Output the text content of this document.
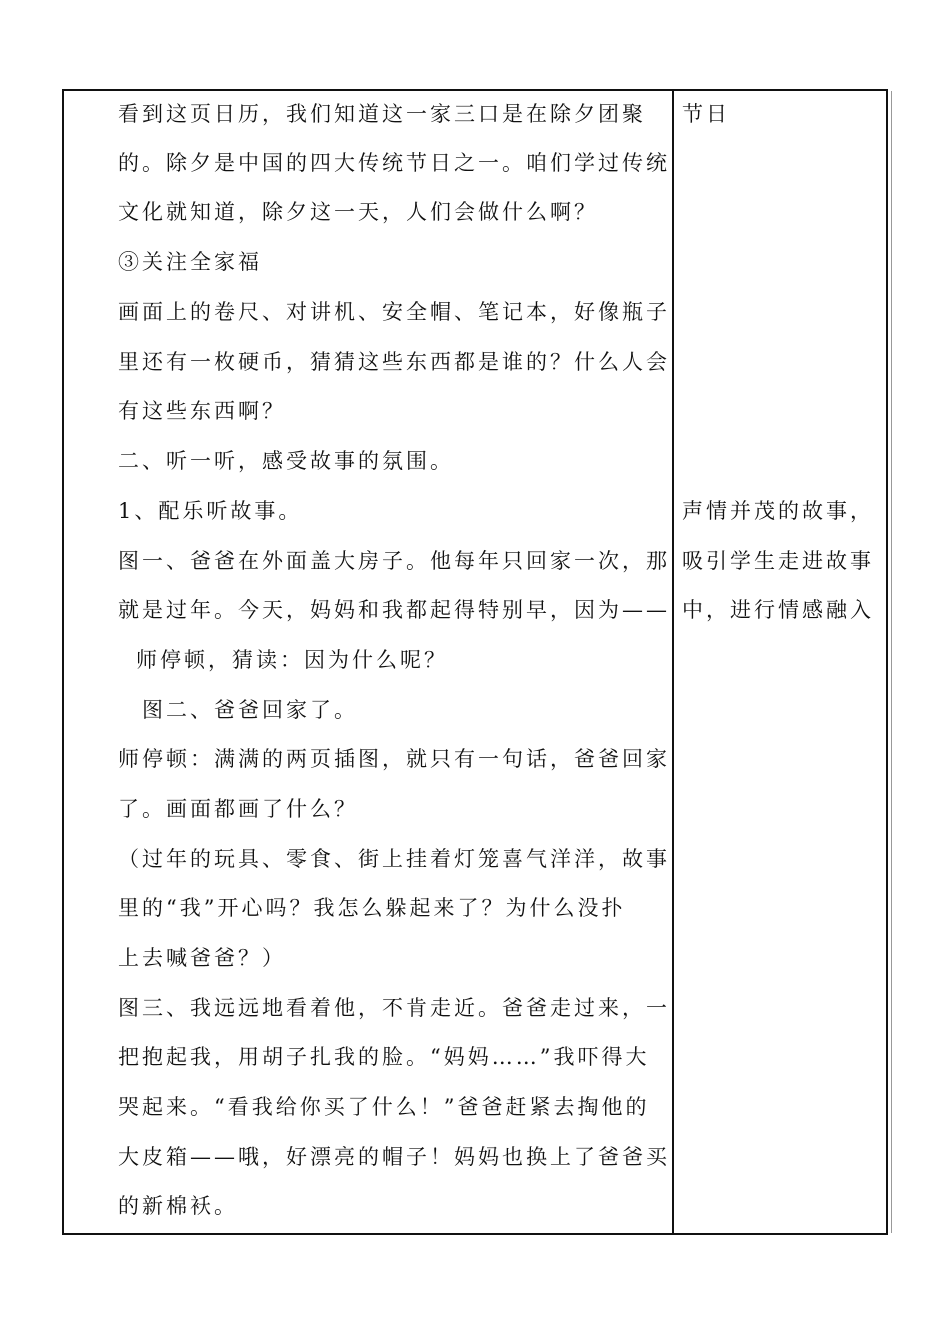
看到这页日历，我们知道这一家三口是在除夕团聚
的。除夕是中国的四大传统节日之一。咱们学过传统
文化就知道，除夕这一天，人们会做什么啊？
③关注全家福
画面上的卷尺、对讲机、安全帽、笔记本，好像瓶子
里还有一枚硬币，猜猜这些东西都是谁的？什么人会
有这些东西啊？
二、听一听，感受故事的氛围。
1、配乐听故事。
图一、爸爸在外面盖大房子。他每年只回家一次，那
就是过年。今天，妈妈和我都起得特别早，因为——
师停顿，猜读：因为什么呢？
图二、爸爸回家了。
师停顿：满满的两页插图，就只有一句话，爸爸回家
了。画面都画了什么？
（过年的玩具、零食、街上挂着灯笼喜气洋洋，故事
里的“我”开心吗？我怎么躲起来了？为什么没扑
上去喊爸爸？）
图三、我远远地看着他，不肯走近。爸爸走过来，一
把抱起我，用胡子扎我的脸。“妈妈……”我吓得大
哭起来。“看我给你买了什么！”爸爸赶紧去掏他的
大皮箱——哦，好漂亮的帽子！妈妈也换上了爸爸买
的新棉袄。
节日
声情并茂的故事，
吸引学生走进故事
中，进行情感融入
